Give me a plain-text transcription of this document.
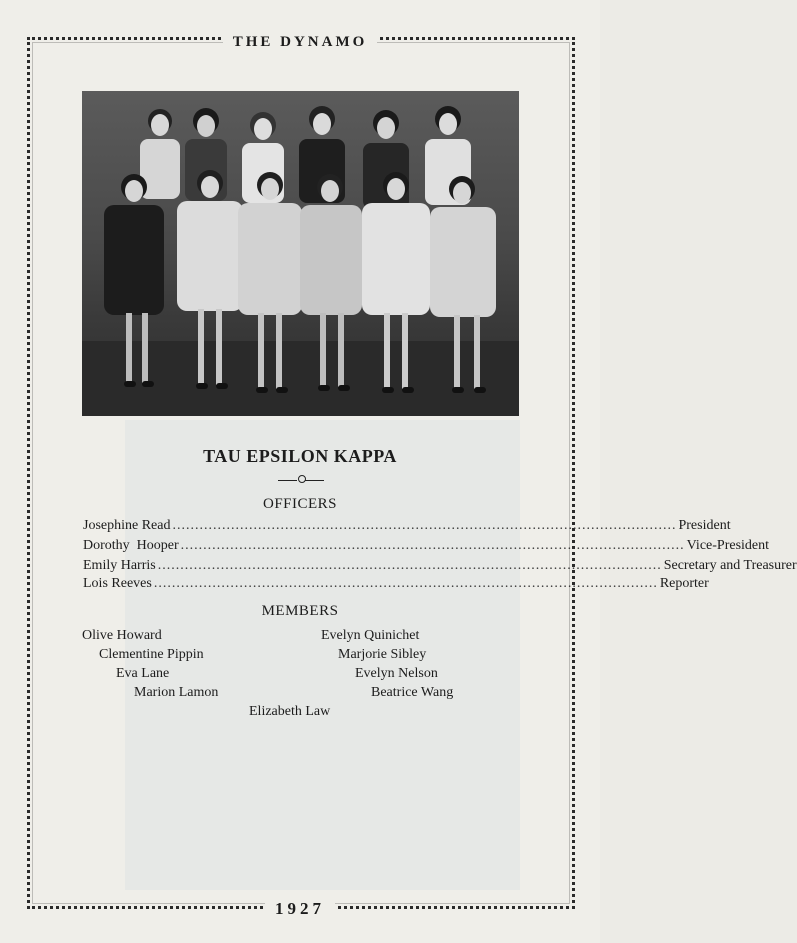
THE DYNAMO
TAU EPSILON KAPPA
OFFICERS
Josephine Read ................................................................................................................ President
Dorothy  Hooper ................................................................................................................ Vice-President
Emily Harris ................................................................................................................ Secretary and Treasurer
Lois Reeves ................................................................................................................ Reporter
MEMBERS
Olive Howard	Evelyn Quinichet
Clementine Pippin	Marjorie Sibley
Eva Lane	Evelyn Nelson
Marion Lamon	Beatrice Wang
Elizabeth Law
1927
